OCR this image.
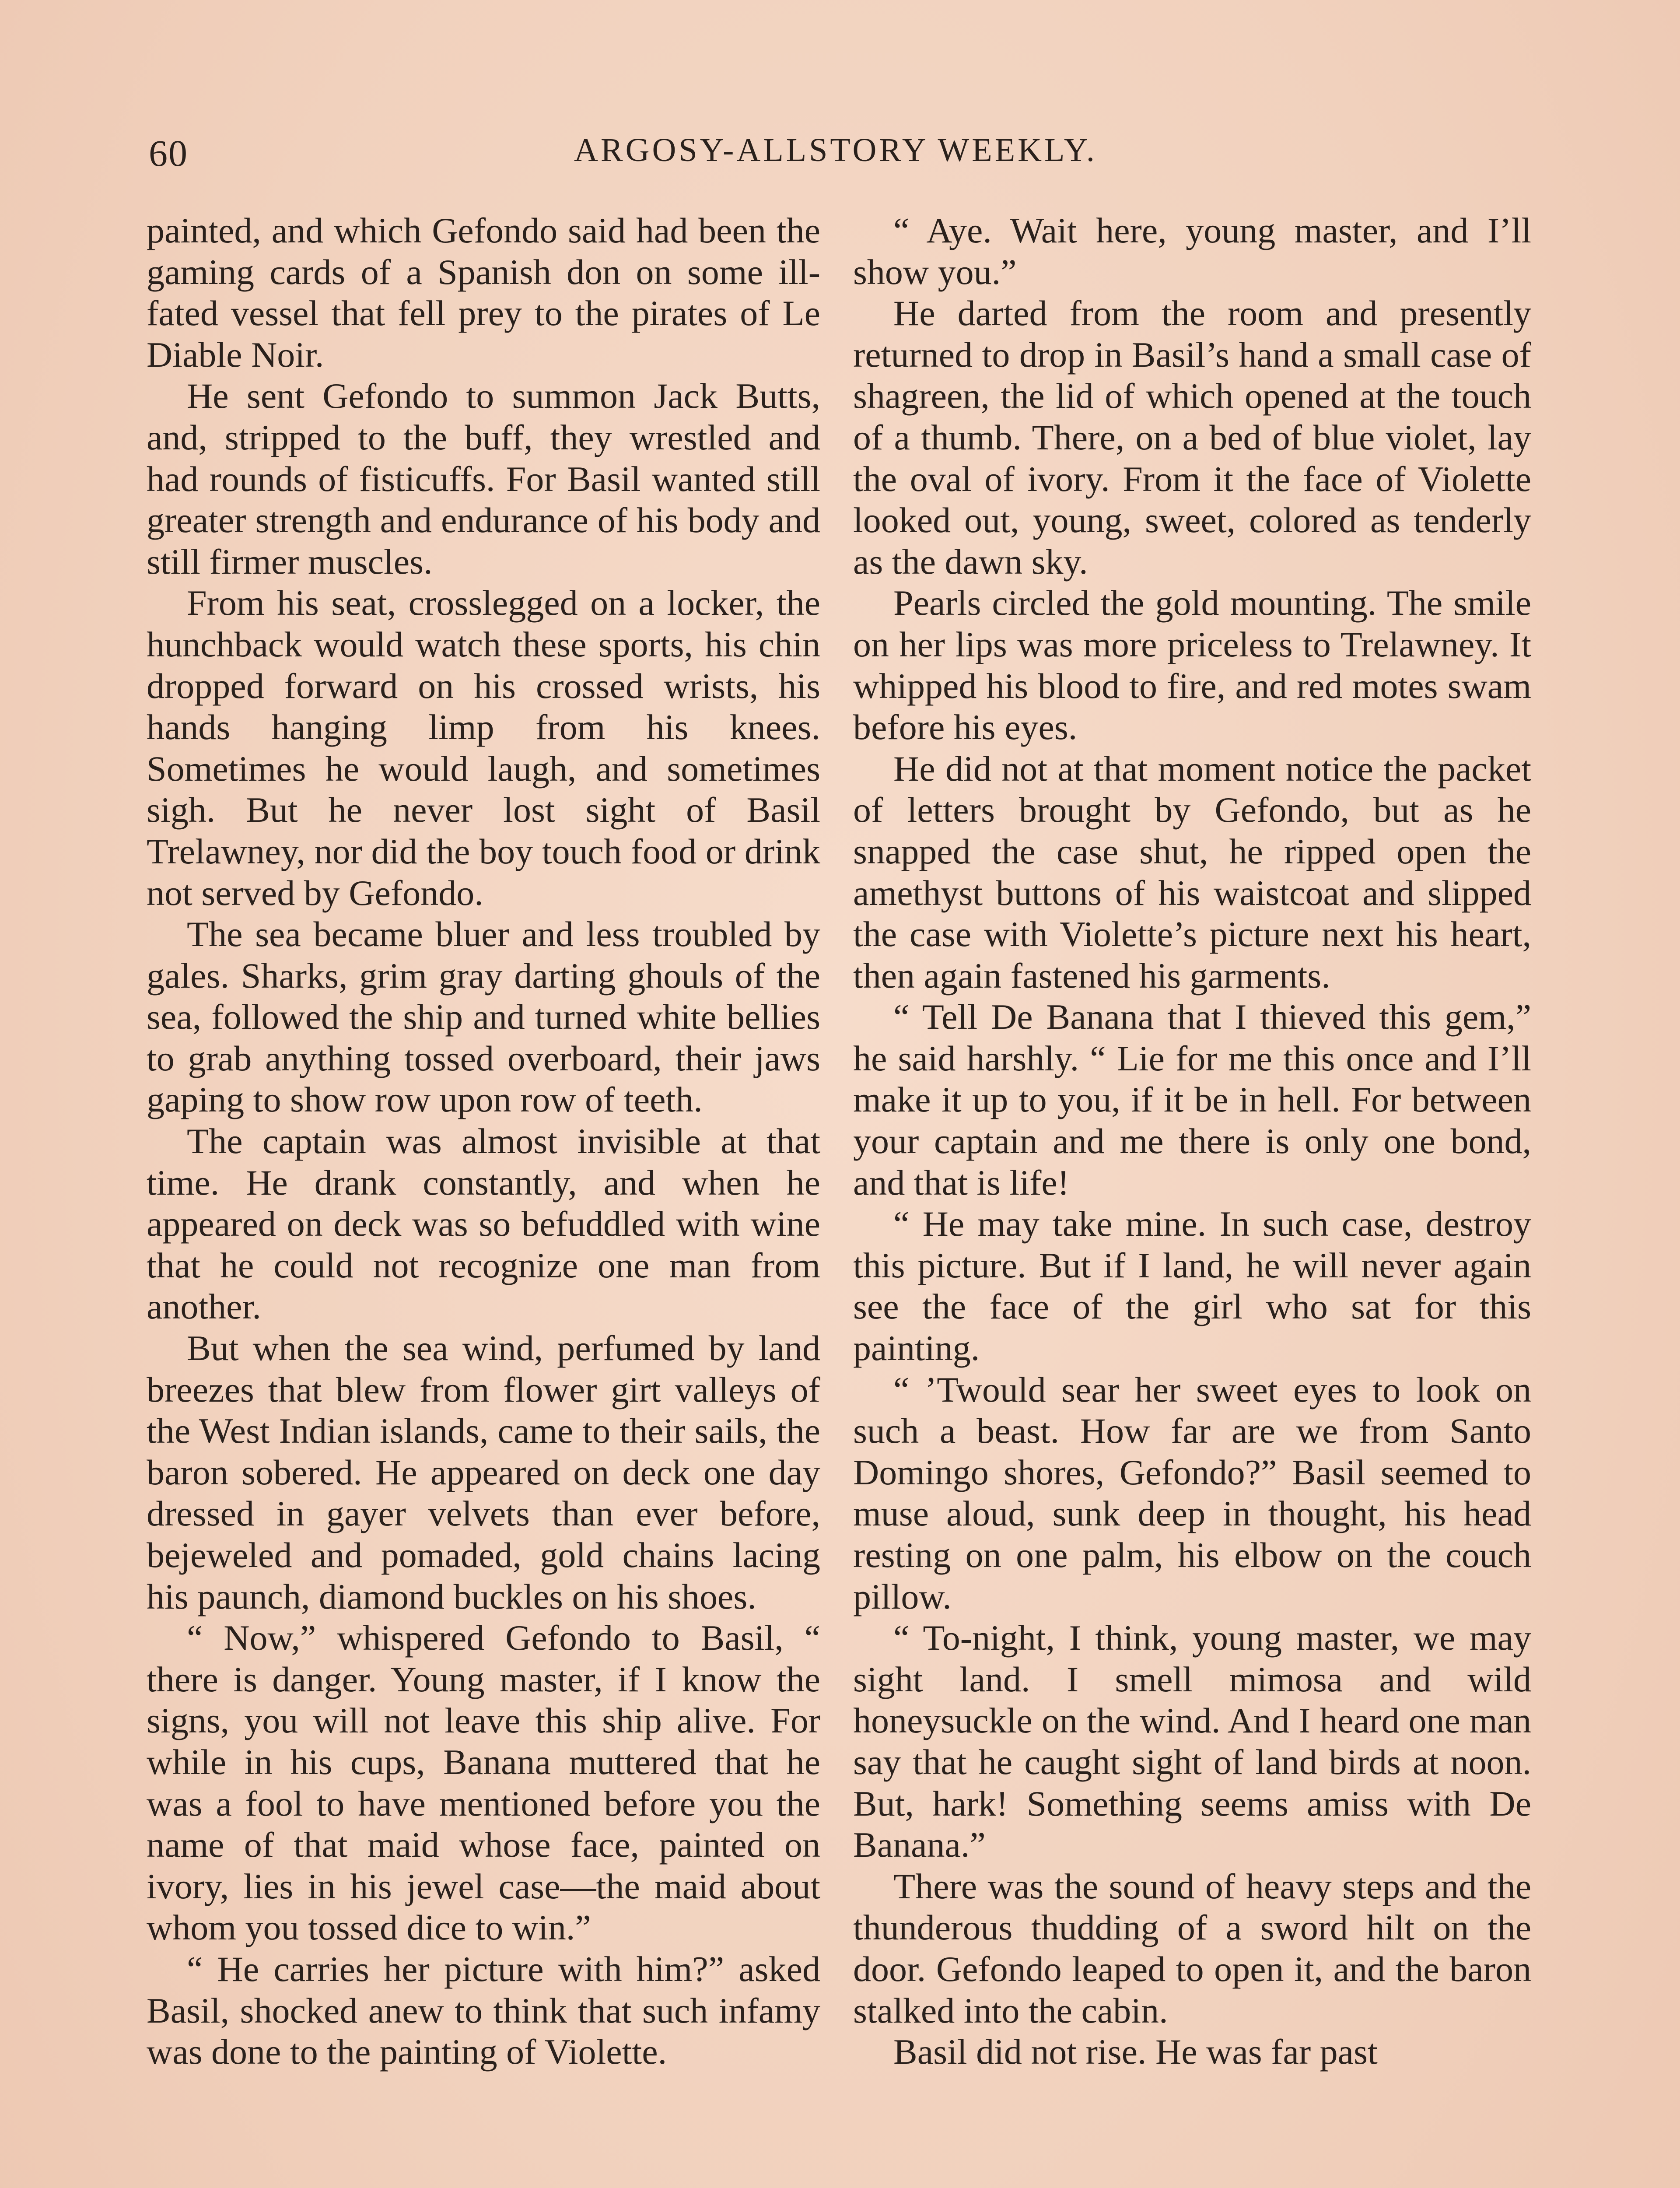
60	ARGOSY-ALLSTORY WEEKLY.

painted, and which Gefondo said had been the gaming cards of a Spanish don on some ill-fated vessel that fell prey to the pirates of Le Diable Noir.

He sent Gefondo to summon Jack Butts, and, stripped to the buff, they wrestled and had rounds of fisticuffs. For Basil wanted still greater strength and endurance of his body and still firmer muscles.

From his seat, crosslegged on a locker, the hunchback would watch these sports, his chin dropped forward on his crossed wrists, his hands hanging limp from his knees. Sometimes he would laugh, and sometimes sigh. But he never lost sight of Basil Trelawney, nor did the boy touch food or drink not served by Gefondo.

The sea became bluer and less troubled by gales. Sharks, grim gray darting ghouls of the sea, followed the ship and turned white bellies to grab anything tossed overboard, their jaws gaping to show row upon row of teeth.

The captain was almost invisible at that time. He drank constantly, and when he appeared on deck was so befuddled with wine that he could not recognize one man from another.

But when the sea wind, perfumed by land breezes that blew from flower girt valleys of the West Indian islands, came to their sails, the baron sobered. He appeared on deck one day dressed in gayer velvets than ever before, bejeweled and pomaded, gold chains lacing his paunch, diamond buckles on his shoes.

“ Now,” whispered Gefondo to Basil, “ there is danger. Young master, if I know the signs, you will not leave this ship alive. For while in his cups, Banana muttered that he was a fool to have mentioned before you the name of that maid whose face, painted on ivory, lies in his jewel case—the maid about whom you tossed dice to win.”

“ He carries her picture with him?” asked Basil, shocked anew to think that such infamy was done to the painting of Violette.

“ Aye. Wait here, young master, and I’ll show you.”

He darted from the room and presently returned to drop in Basil’s hand a small case of shagreen, the lid of which opened at the touch of a thumb. There, on a bed of blue violet, lay the oval of ivory. From it the face of Violette looked out, young, sweet, colored as tenderly as the dawn sky.

Pearls circled the gold mounting. The smile on her lips was more priceless to Trelawney. It whipped his blood to fire, and red motes swam before his eyes.

He did not at that moment notice the packet of letters brought by Gefondo, but as he snapped the case shut, he ripped open the amethyst buttons of his waistcoat and slipped the case with Violette’s picture next his heart, then again fastened his garments.

“ Tell De Banana that I thieved this gem,” he said harshly. “ Lie for me this once and I’ll make it up to you, if it be in hell. For between your captain and me there is only one bond, and that is life!

“ He may take mine. In such case, destroy this picture. But if I land, he will never again see the face of the girl who sat for this painting.

“ ’Twould sear her sweet eyes to look on such a beast. How far are we from Santo Domingo shores, Gefondo?” Basil seemed to muse aloud, sunk deep in thought, his head resting on one palm, his elbow on the couch pillow.

“ To-night, I think, young master, we may sight land. I smell mimosa and wild honeysuckle on the wind. And I heard one man say that he caught sight of land birds at noon. But, hark! Something seems amiss with De Banana.”

There was the sound of heavy steps and the thunderous thudding of a sword hilt on the door. Gefondo leaped to open it, and the baron stalked into the cabin.

Basil did not rise. He was far past
